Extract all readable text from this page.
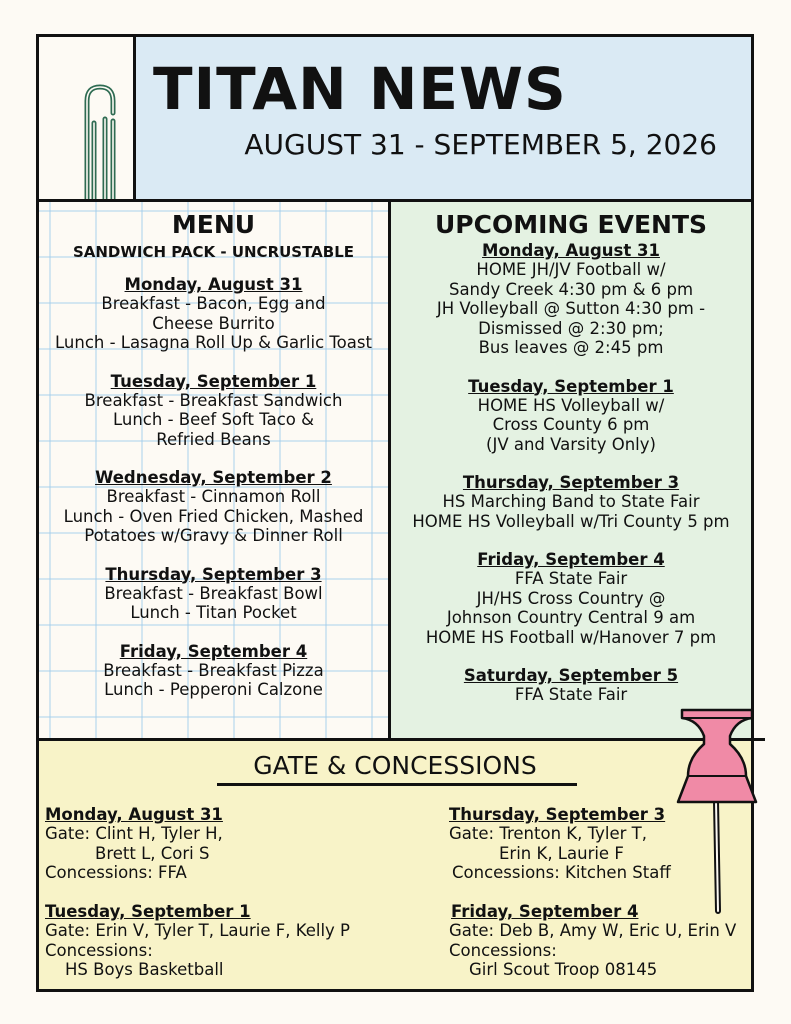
TITAN NEWS
AUGUST 31 - SEPTEMBER 5, 2026
MENU
SANDWICH PACK - UNCRUSTABLE
Monday, August 31
Breakfast - Bacon, Egg and
Cheese Burrito
Lunch - Lasagna Roll Up & Garlic Toast
Tuesday, September 1
Breakfast - Breakfast Sandwich
Lunch - Beef Soft Taco &
Refried Beans
Wednesday, September 2
Breakfast - Cinnamon Roll
Lunch - Oven Fried Chicken, Mashed
Potatoes w/Gravy & Dinner Roll
Thursday, September 3
Breakfast - Breakfast Bowl
Lunch - Titan Pocket
Friday, September 4
Breakfast - Breakfast Pizza
Lunch - Pepperoni Calzone
UPCOMING EVENTS
Monday, August 31
HOME JH/JV Football w/
Sandy Creek 4:30 pm & 6 pm
JH Volleyball @ Sutton 4:30 pm -
Dismissed @ 2:30 pm;
Bus leaves @ 2:45 pm
Tuesday, September 1
HOME HS Volleyball w/
Cross County 6 pm
(JV and Varsity Only)
Thursday, September 3
HS Marching Band to State Fair
HOME HS Volleyball w/Tri County 5 pm
Friday, September 4
FFA State Fair
JH/HS Cross Country @
Johnson Country Central 9 am
HOME HS Football w/Hanover 7 pm
Saturday, September 5
FFA State Fair
GATE & CONCESSIONS
Monday, August 31
Gate: Clint H, Tyler H,
Brett L, Cori S
Concessions: FFA
Thursday, September 3
Gate: Trenton K, Tyler T,
Erin K, Laurie F
Concessions: Kitchen Staff
Tuesday, September 1
Gate: Erin V, Tyler T, Laurie F, Kelly P
Concessions:
HS Boys Basketball
Friday, September 4
Gate: Deb B, Amy W, Eric U, Erin V
Concessions:
Girl Scout Troop 08145
